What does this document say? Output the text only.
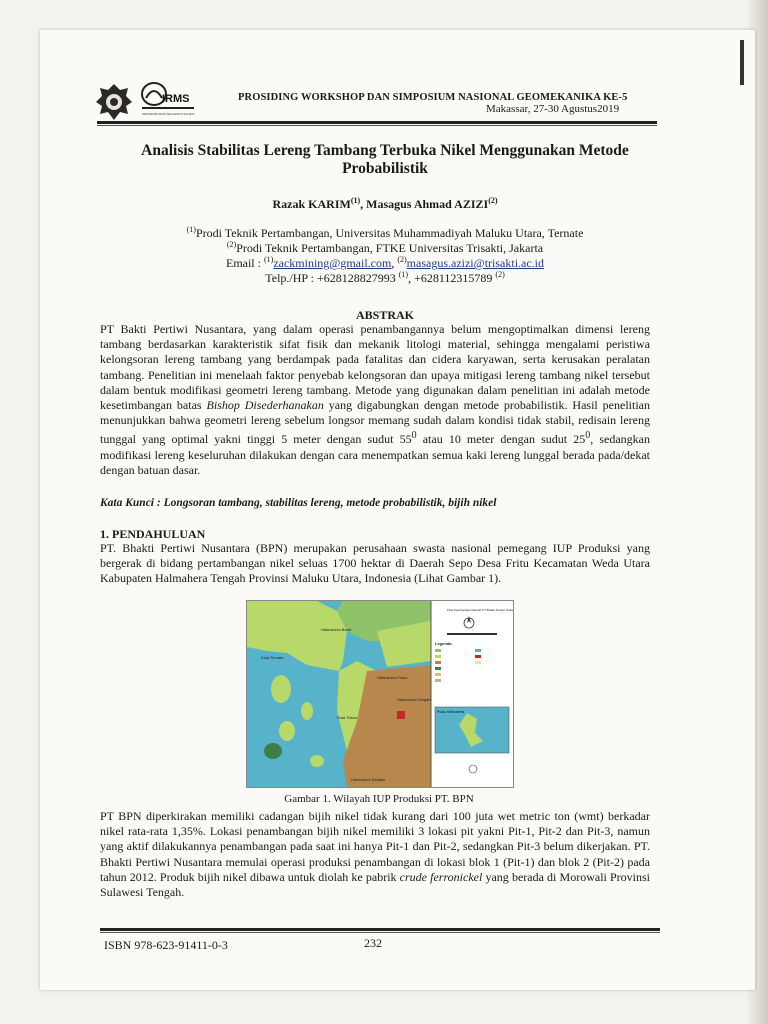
IRMS
INDONESIAN ROCK MECHANICS SOCIETY
PROSIDING WORKSHOP DAN SIMPOSIUM NASIONAL GEOMEKANIKA KE-5
Makassar, 27-30 Agustus2019
Analisis Stabilitas Lereng Tambang Terbuka Nikel Menggunakan Metode
Probabilistik
Razak KARIM$^{(1)}$, Masagus Ahmad AZIZI$^{(2)}$
$^{(1)}$Prodi Teknik Pertambangan, Universitas Muhammadiyah Maluku Utara, Ternate
$^{(2)}$Prodi Teknik Pertambangan, FTKE Universitas Trisakti, Jakarta
Email : $^{(1)}$zackmining@gmail.com, $^{(2)}$masagus.azizi@trisakti.ac.id
Telp./HP : +628128827993 $^{(1)}$, +628112315789 $^{(2)}$
ABSTRAK
PT Bakti Pertiwi Nusantara, yang dalam operasi penambangannya belum mengoptimalkan dimensi lereng tambang berdasarkan karakteristik sifat fisik dan mekanik litologi material, sehingga mengalami peristiwa kelongsoran lereng tambang yang berdampak pada fatalitas dan cidera karyawan, serta kerusakan peralatan tambang. Penelitian ini menelaah faktor penyebab kelongsoran dan upaya mitigasi lereng tambang nikel tersebut dalam bentuk modifikasi geometri lereng tambang. Metode yang digunakan dalam penelitian ini adalah metode kesetimbangan batas Bishop Disederhanakan yang digabungkan dengan metode probabilistik. Hasil penelitian menunjukkan bahwa geometri lereng sebelum longsor memang sudah dalam kondisi tidak stabil, redisain lereng tunggal yang optimal yakni tinggi 5 meter dengan sudut $55^0$ atau 10 meter dengan sudut $25^0$, sedangkan modifikasi lereng keseluruhan dilakukan dengan cara menempatkan semua kaki lereng lunggal berada pada/dekat dengan batuan dasar.
Kata Kunci : Longsoran tambang, stabilitas lereng, metode probabilistik, bijih nikel
1. PENDAHULUAN
PT. Bhakti Pertiwi Nusantara (BPN) merupakan perusahaan swasta nasional pemegang IUP Produksi yang bergerak di bidang pertambangan nikel seluas 1700 hektar di Daerah Sepo Desa Fritu Kecamatan Weda Utara Kabupaten Halmahera Tengah Provinsi Maluku Utara, Indonesia (Lihat Gambar 1).
Halmahera Barat
Kota Ternate
Halmahera Timur
Halmahera Tengah
Kota Tidore
Halmahera Selatan
Peta Kesampaian Daerah PT Bhakti Pertiwi Nusantara
Legenda
Pulau Halmahera
Gambar 1. Wilayah IUP Produksi PT. BPN
PT BPN diperkirakan memiliki cadangan bijih nikel tidak kurang dari 100 juta wet metric ton (wmt) berkadar nikel rata-rata 1,35%. Lokasi penambangan bijih nikel memiliki 3 lokasi pit yakni Pit-1, Pit-2 dan Pit-3, namun yang aktif dilakukannya penambangan pada saat ini hanya Pit-1 dan Pit-2, sedangkan Pit-3 belum dikerjakan. PT. Bhakti Pertiwi Nusantara memulai operasi produksi penambangan di lokasi blok 1 (Pit-1) dan blok 2 (Pit-2) pada tahun 2012. Produk bijih nikel dibawa untuk diolah ke pabrik crude ferronickel yang berada di Morowali Provinsi Sulawesi Tengah.
ISBN 978-623-91411-0-3	232
